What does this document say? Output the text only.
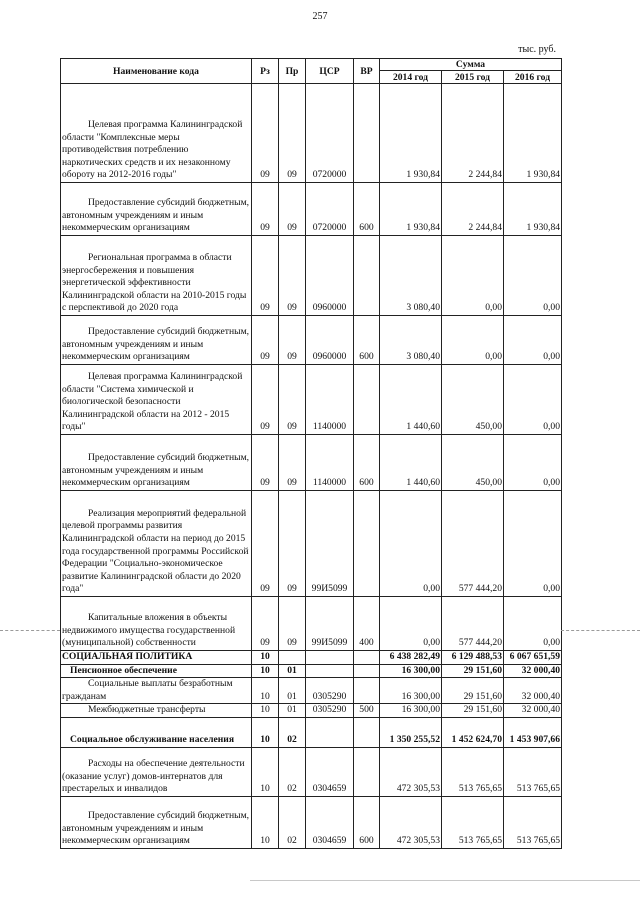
257
тыс. руб.
Наименование кода	Рз	Пр	ЦСР	ВР	Сумма		
					2014 год	2015 год	2016 год

Целевая программа Калининградской области "Комплексные меры противодействия потреблению наркотических средств и их незаконному обороту на 2012-2016 годы"	09	09	0720000		1 930,84	2 244,84	1 930,84

Предоставление субсидий бюджетным, автономным учреждениям и иным некоммерческим организациям	09	09	0720000	600	1 930,84	2 244,84	1 930,84

Региональная программа в области энергосбережения и повышения энергетической эффективности Калининградской области на 2010-2015 годы с перспективой до 2020 года	09	09	0960000		3 080,40	0,00	0,00

Предоставление субсидий бюджетным, автономным учреждениям и иным некоммерческим организациям	09	09	0960000	600	3 080,40	0,00	0,00

Целевая программа Калининградской области "Система химической и биологической безопасности Калининградской области на 2012 - 2015 годы"	09	09	1140000		1 440,60	450,00	0,00

Предоставление субсидий бюджетным, автономным учреждениям и иным некоммерческим организациям	09	09	1140000	600	1 440,60	450,00	0,00

Реализация мероприятий федеральной целевой программы развития Калининградской области на период до 2015 года государственной программы Российской Федерации "Социально-экономическое развитие Калининградской области до 2020 года"	09	09	99И5099		0,00	577 444,20	0,00

Капитальные вложения в объекты недвижимого имущества государственной (муниципальной) собственности	09	09	99И5099	400	0,00	577 444,20	0,00
СОЦИАЛЬНАЯ ПОЛИТИКА	10				6 438 282,49	6 129 488,53	6 067 651,59

Пенсионное обеспечение	10	01			16 300,00	29 151,60	32 000,40

Социальные выплаты безработным гражданам	10	01	0305290		16 300,00	29 151,60	32 000,40

Межбюджетные трансферты	10	01	0305290	500	16 300,00	29 151,60	32 000,40

Социальное обслуживание населения	10	02			1 350 255,52	1 452 624,70	1 453 907,66

Расходы на обеспечение деятельности (оказание услуг) домов-интернатов для престарелых и инвалидов	10	02	0304659		472 305,53	513 765,65	513 765,65

Предоставление субсидий бюджетным, автономным учреждениям и иным некоммерческим организациям	10	02	0304659	600	472 305,53	513 765,65	513 765,65
